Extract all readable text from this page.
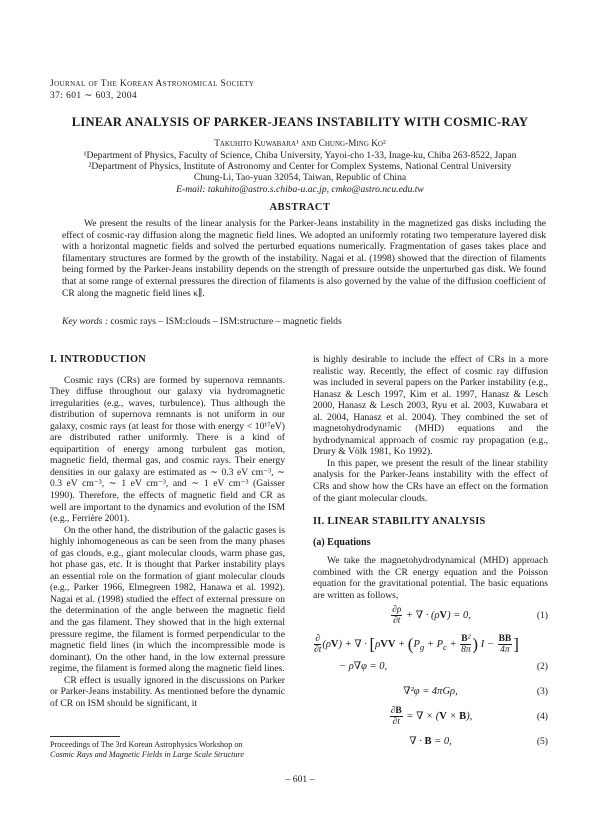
Journal of The Korean Astronomical Society
37: 601 ∼ 603, 2004
LINEAR ANALYSIS OF PARKER-JEANS INSTABILITY WITH COSMIC-RAY
Takuhito Kuwabara¹ and Chung-Ming Ko²

¹Department of Physics, Faculty of Science, Chiba University, Yayoi-cho 1-33, Inage-ku, Chiba 263-8522, Japan

²Department of Physics, Institute of Astronomy and Center for Complex Systems, National Central University

Chung-Li, Tao-yuan 32054, Taiwan, Republic of China

E-mail: takuhito@astro.s.chiba-u.ac.jp, cmko@astro.ncu.edu.tw

ABSTRACT

We present the results of the linear analysis for the Parker-Jeans instability in the magnetized gas disks including the effect of cosmic-ray diffusion along the magnetic field lines. We adopted an uniformly rotating two temperature layered disk with a horizontal magnetic fields and solved the perturbed equations numerically. Fragmentation of gases takes place and filamentary structures are formed by the growth of the instability. Nagai et al. (1998) showed that the direction of filaments being formed by the Parker-Jeans instability depends on the strength of pressure outside the unperturbed gas disk. We found that at some range of external pressures the direction of filaments is also governed by the value of the diffusion coefficient of CR along the magnetic field lines κ∥.

Key words : cosmic rays – ISM:clouds – ISM:structure – magnetic fields
I. INTRODUCTION

Cosmic rays (CRs) are formed by supernova remnants. They diffuse throughout our galaxy via hydromagnetic irregularities (e.g., waves, turbulence). Thus although the distribution of supernova remnants is not uniform in our galaxy, cosmic rays (at least for those with energy < 10¹⁷eV) are distributed rather uniformly. There is a kind of equipartition of energy among turbulent gas motion, magnetic field, thermal gas, and cosmic rays. Their energy densities in our galaxy are estimated as ∼ 0.3 eV cm⁻³, ∼ 0.3 eV cm⁻³, ∼ 1 eV cm⁻³, and ∼ 1 eV cm⁻³ (Gaisser 1990). Therefore, the effects of magnetic field and CR as well are important to the dynamics and evolution of the ISM (e.g., Ferrière 2001).

On the other hand, the distribution of the galactic gases is highly inhomogeneous as can be seen from the many phases of gas clouds, e.g., giant molecular clouds, warm phase gas, hot phase gas, etc. It is thought that Parker instability plays an essential role on the formation of giant molecular clouds (e.g., Parker 1966, Elmegreen 1982, Hanawa et al. 1992). Nagai et al. (1998) studied the effect of external pressure on the determination of the angle between the magnetic field and the gas filament. They showed that in the high external pressure regime, the filament is formed perpendicular to the magnetic field lines (in which the incompressible mode is dominant). On the other hand, in the low external pressure regime, the filament is formed along the magnetic field lines.

CR effect is usually ignored in the discussions on Parker or Parker-Jeans instability. As mentioned before the dynamic of CR on ISM should be significant, it

is highly desirable to include the effect of CRs in a more realistic way. Recently, the effect of cosmic ray diffusion was included in several papers on the Parker instability (e.g., Hanasz & Lesch 1997, Kim et al. 1997, Hanasz & Lesch 2000, Hanasz & Lesch 2003, Ryu et al. 2003, Kuwabara et al. 2004, Hanasz et al. 2004). They combined the set of magnetohydrodynamic (MHD) equations and the hydrodynamical approach of cosmic ray propagation (e.g., Drury & Völk 1981, Ko 1992).

In this paper, we present the result of the linear stability analysis for the Parker-Jeans instability with the effect of CRs and show how the CRs have an effect on the formation of the giant molecular clouds.

II. LINEAR STABILITY ANALYSIS
(a) Equations

We take the magnetohydrodynamical (MHD) approach combined with the CR energy equation and the Poisson equation for the gravitational potential. The basic equations are written as follows,

$\frac{\partial\rho}{\partial t}$ + ∇ · (ρV) = 0,	(1)
$\frac{\partial}{\partial t} (\rho V)$ + ∇ · [$\rho VV + (P_g + P_c + \frac{\text{B²}}{8\pi}$ ) $I - \frac{BB}{4\pi}$ ]
− ρ∇φ = 0,	(2)
∇²φ = 4πGρ,	(3)
$\frac{\partial B}{\partial t}$ = ∇ × (V × B),	(4)
∇ · B = 0,	(5)
Proceedings of The 3rd Korean Astrophysics Workshop on
Cosmic Rays and Magnetic Fields in Large Scale Structure
– 601 –
